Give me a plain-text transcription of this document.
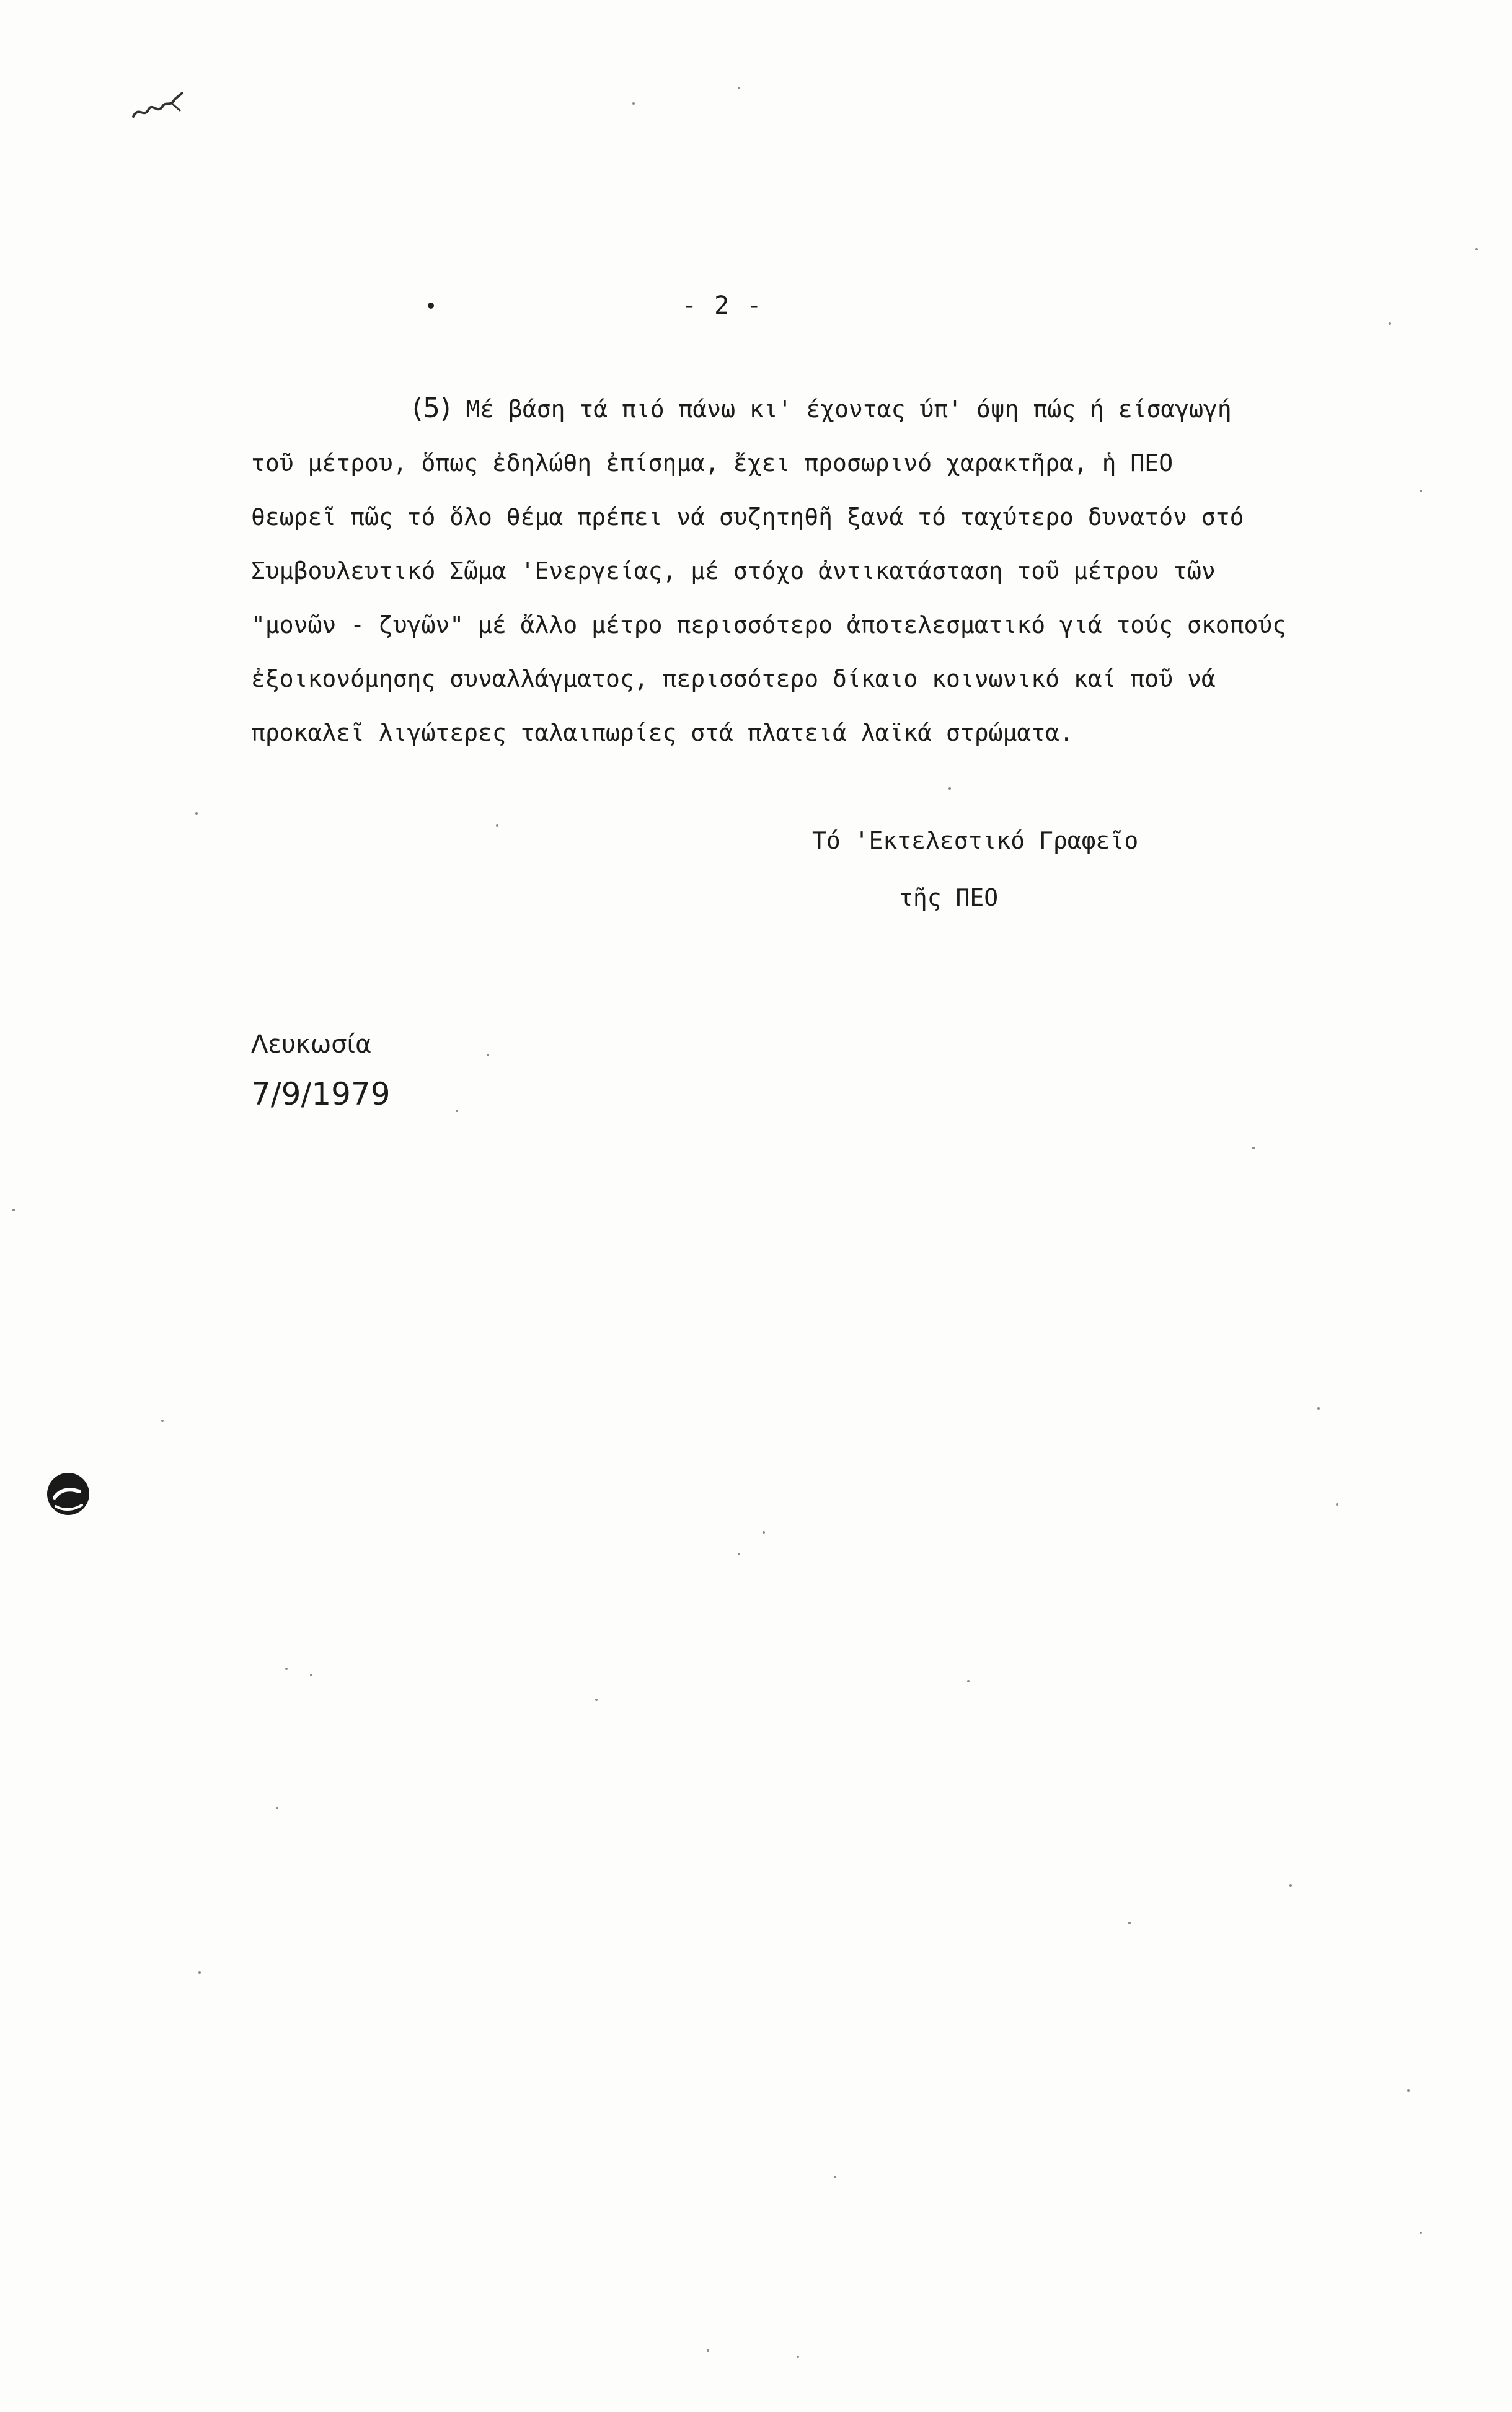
- 2 -
(5) Μέ βάση τά πιό πάνω κι' έχοντας ύπ' όψη πώς ή είσαγωγή
τοῦ μέτρου, ὅπως ἐδηλώθη ἐπίσημα, ἔχει προσωρινό χαρακτῆρα, ἡ ΠΕΟ
θεωρεῖ πῶς τό ὅλο θέμα πρέπει νά συζητηθῆ ξανά τό ταχύτερο δυνατόν στό
Συμβουλευτικό Σῶμα 'Ενεργείας, μέ στόχο ἀντικατάσταση τοῦ μέτρου τῶν
"μονῶν - ζυγῶν" μέ ἄλλο μέτρο περισσότερο ἀποτελεσματικό γιά τούς σκοπούς
ἐξοικονόμησης συναλλάγματος, περισσότερο δίκαιο κοινωνικό καί ποῦ νά
προκαλεῖ λιγώτερες ταλαιπωρίες στά πλατειά λαϊκά στρώματα.
Τό 'Εκτελεστικό Γραφεῖο
τῆς ΠΕΟ
Λευκωσία
7/9/1979
